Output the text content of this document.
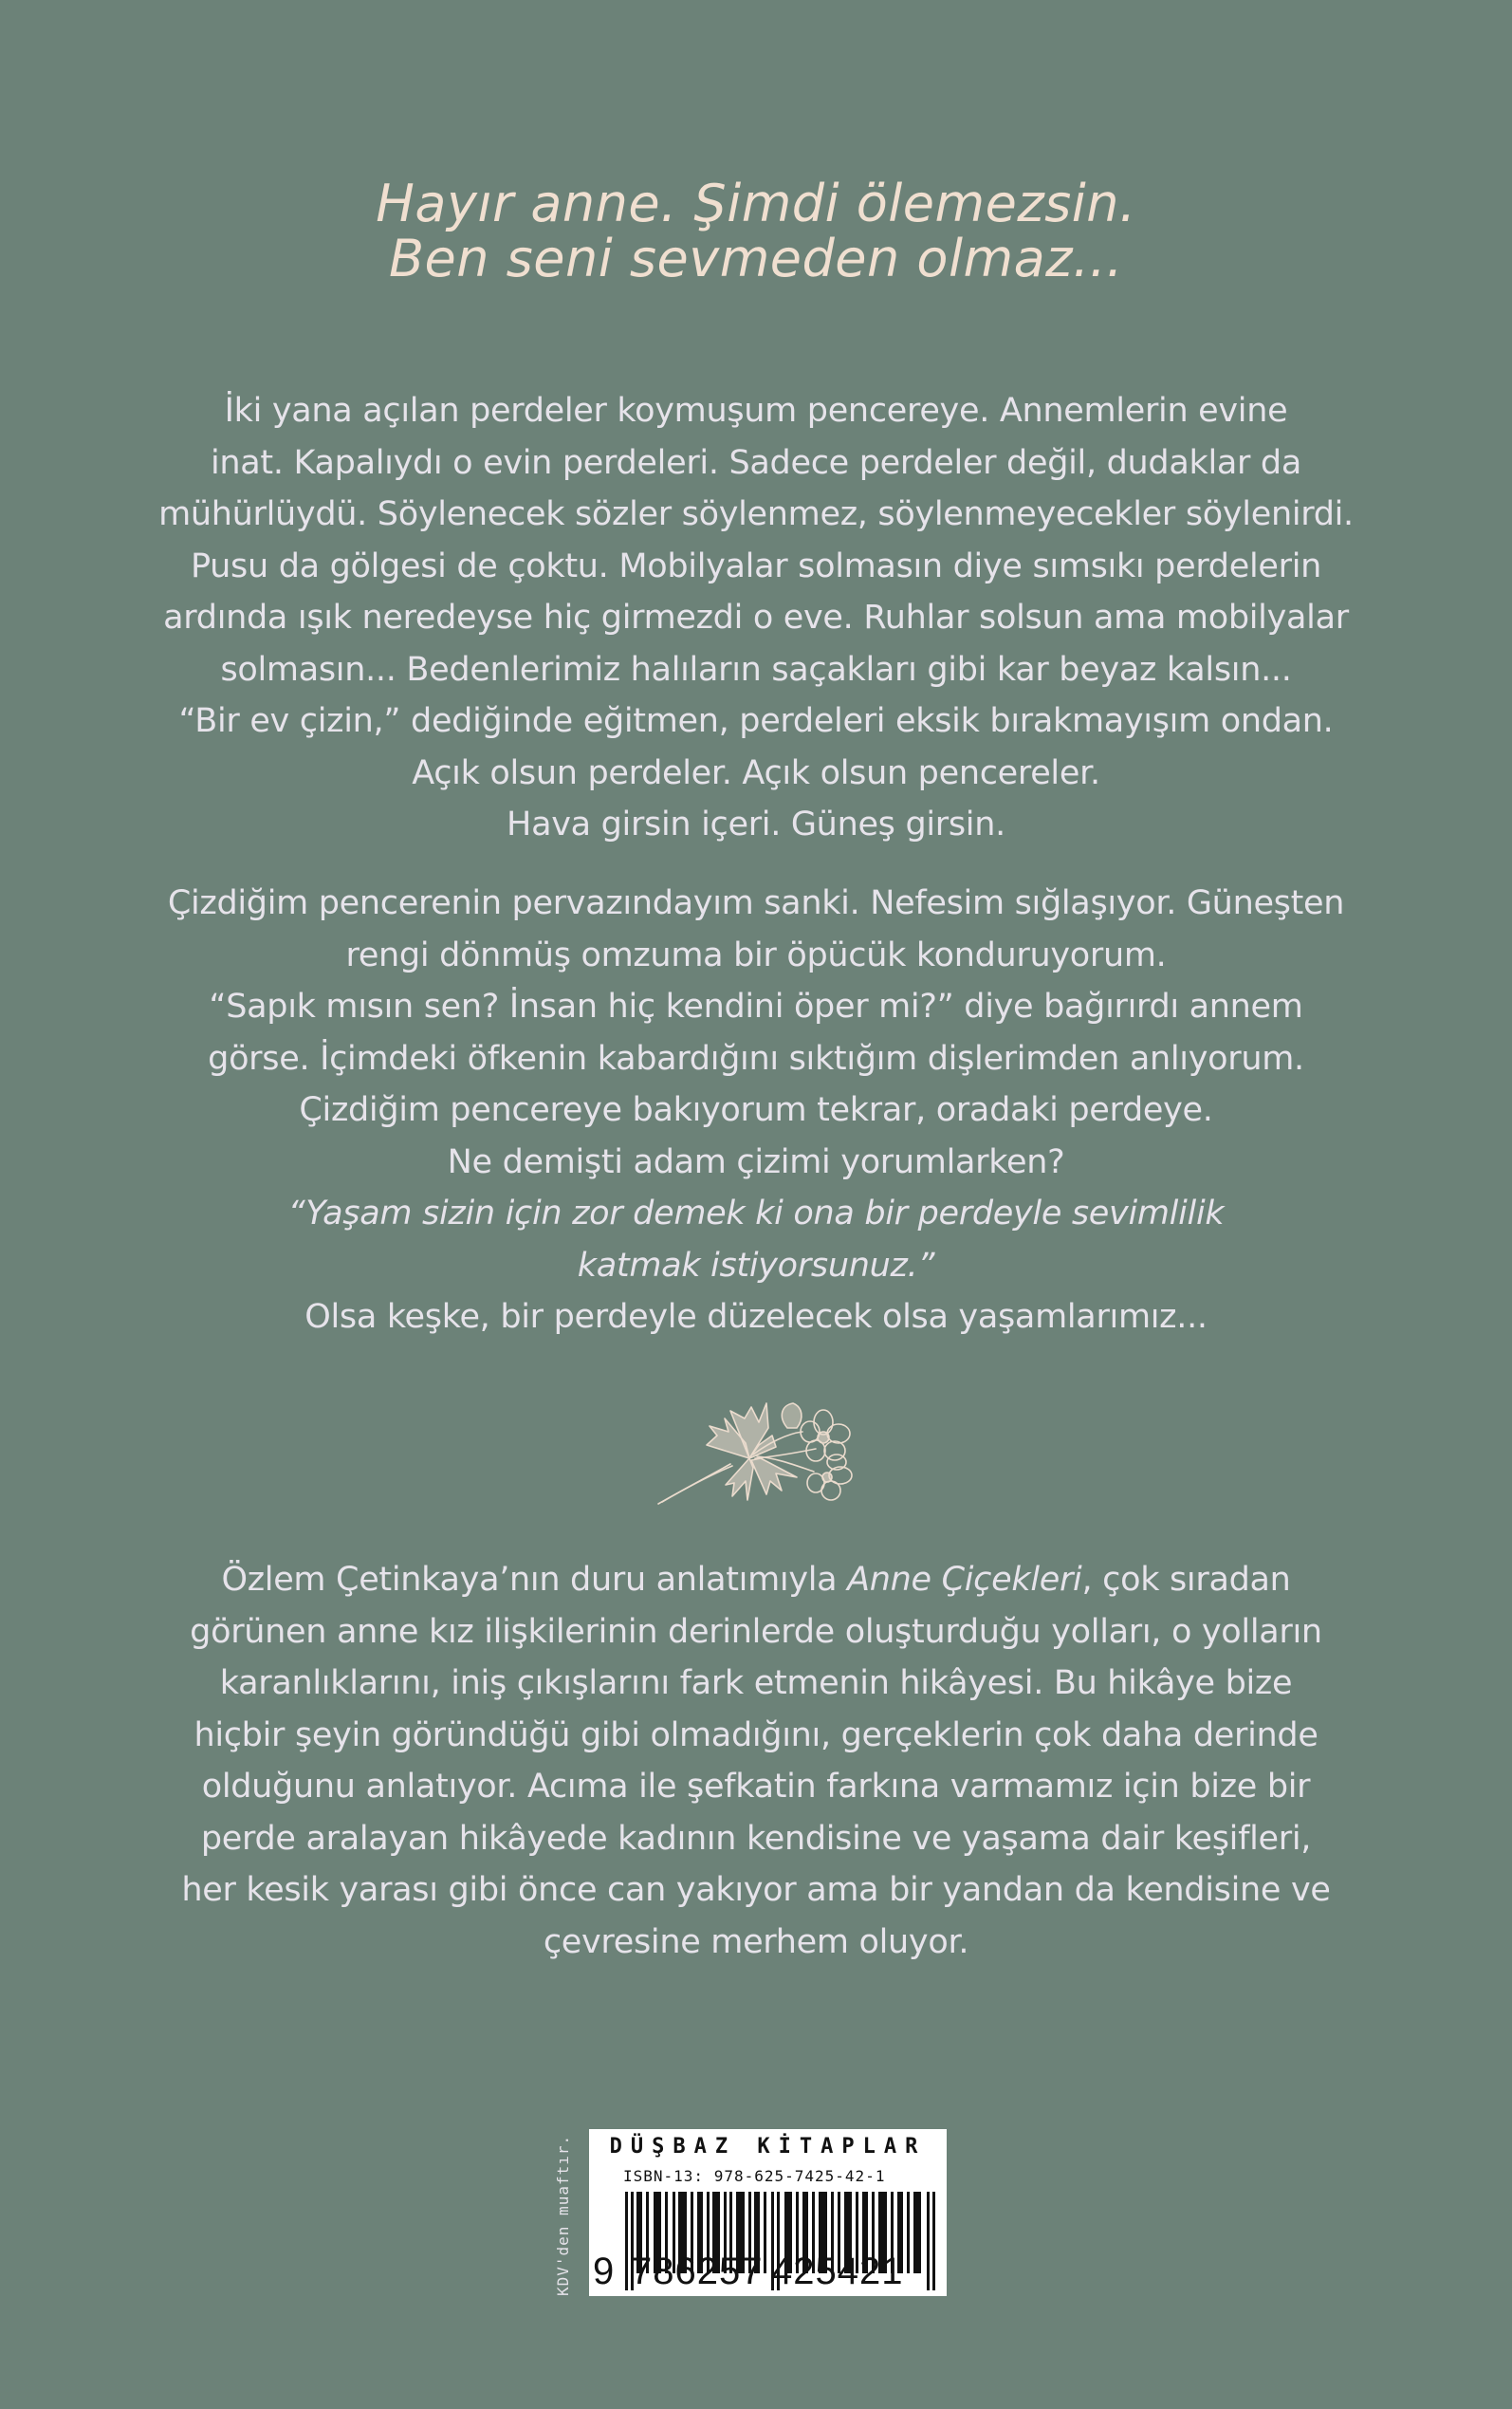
Hayır anne. Şimdi ölemezsin.
Ben seni sevmeden olmaz...
İki yana açılan perdeler koymuşum pencereye. Annemlerin evine
inat. Kapalıydı o evin perdeleri. Sadece perdeler değil, dudaklar da
mühürlüydü. Söylenecek sözler söylenmez, söylenmeyecekler söylenirdi.
Pusu da gölgesi de çoktu. Mobilyalar solmasın diye sımsıkı perdelerin
ardında ışık neredeyse hiç girmezdi o eve. Ruhlar solsun ama mobilyalar
solmasın... Bedenlerimiz halıların saçakları gibi kar beyaz kalsın...
“Bir ev çizin,” dediğinde eğitmen, perdeleri eksik bırakmayışım ondan.
Açık olsun perdeler. Açık olsun pencereler.
Hava girsin içeri. Güneş girsin.
Çizdiğim pencerenin pervazındayım sanki. Nefesim sığlaşıyor. Güneşten
rengi dönmüş omzuma bir öpücük konduruyorum.
“Sapık mısın sen? İnsan hiç kendini öper mi?” diye bağırırdı annem
görse. İçimdeki öfkenin kabardığını sıktığım dişlerimden anlıyorum.
Çizdiğim pencereye bakıyorum tekrar, oradaki perdeye.
Ne demişti adam çizimi yorumlarken?
“Yaşam sizin için zor demek ki ona bir perdeyle sevimlilik
katmak istiyorsunuz.”
Olsa keşke, bir perdeyle düzelecek olsa yaşamlarımız...
Özlem Çetinkaya’nın duru anlatımıyla Anne Çiçekleri, çok sıradan
görünen anne kız ilişkilerinin derinlerde oluşturduğu yolları, o yolların
karanlıklarını, iniş çıkışlarını fark etmenin hikâyesi. Bu hikâye bize
hiçbir şeyin göründüğü gibi olmadığını, gerçeklerin çok daha derinde
olduğunu anlatıyor. Acıma ile şefkatin farkına varmamız için bize bir
perde aralayan hikâyede kadının kendisine ve yaşama dair keşifleri,
her kesik yarası gibi önce can yakıyor ama bir yandan da kendisine ve
çevresine merhem oluyor.
KDV'den muaftır.	DÜŞBAZ KİTAPLAR
ISBN-13: 978-625-7425-42-1
9 786257 425421
